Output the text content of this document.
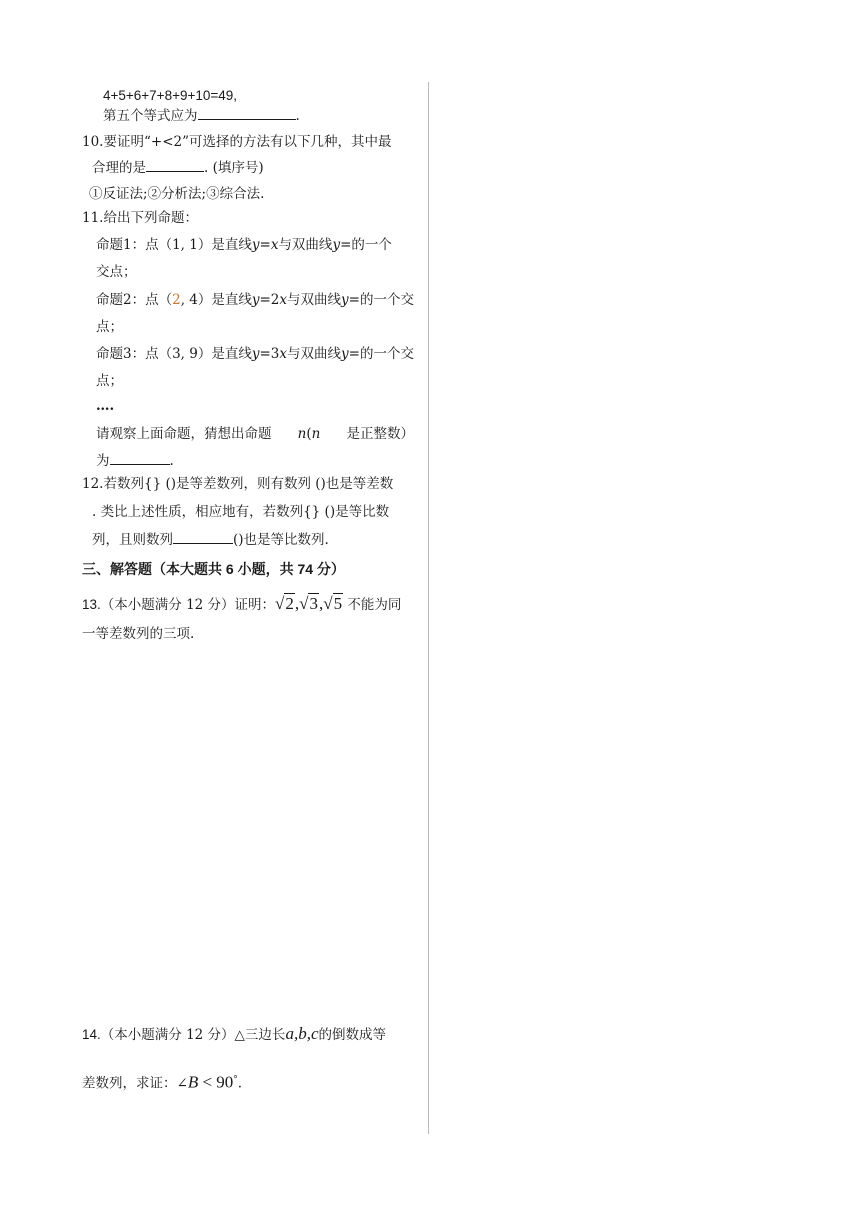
4+5+6+7+8+9+10=49,
第五个等式应为	.
10.要证明“+<2”可选择的方法有以下几种，其中最
合理的是	. (填序号)
①反证法;②分析法;③综合法.
11.给出下列命题：
命题1：点（1, 1）是直线y=x与双曲线y=的一个
交点；
命题2：点（2, 4）是直线y=2x与双曲线y=的一个交
点；
命题3：点（3, 9）是直线y=3x与双曲线y=的一个交
点；
….
请观察上面命题，猜想出命题 n(n 是正整数）
为	.
12.若数列{} ()是等差数列，则有数列 ()也是等差数
. 类比上述性质，相应地有，若数列{} ()是等比数
列，且则数列	()也是等比数列.
三、解答题（本大题共 6 小题，共 74 分）
13.（本小题满分 12 分）证明：√2,√3,√5 不能为同
一等差数列的三项.
14.（本小题满分 12 分）△三边长a,b,c的倒数成等
差数列，求证：∠B < 90°.
